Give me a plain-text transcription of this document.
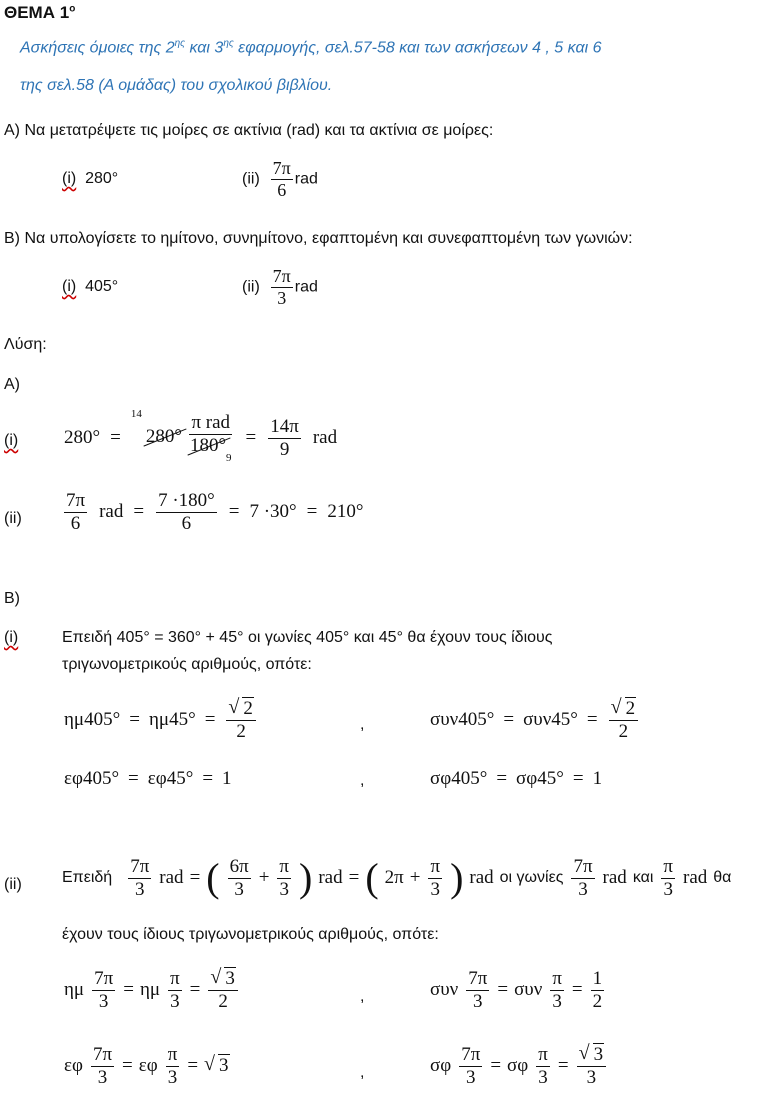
ΘΕΜΑ $1^o$
Ασκήσεις όμοιες της $2^{\eta\varsigma}$ και $3^{\eta\varsigma}$ εφαρμογής, σελ.57-58 και των ασκήσεων 4 , 5 και 6
της σελ.58 (Α ομάδας) του σχολικού βιβλίου.
Α) Να μετατρέψετε τις μοίρες σε ακτίνια (rad) και τα ακτίνια σε μοίρες:
(i) 280°	$(ii) \frac{7\pi}{6}$ rad
Β) Να υπολογίσετε το ημίτονο, συνημίτονο, εφαπτομένη και συνεφαπτομένη των γωνιών:
(i) 405°	$(ii) \frac{7\pi}{3}$ rad
Λύση:
Α)
(i) 280° =
14
$280^\circ \frac{\text{π rad}}{180^\circ_9} = \frac{14\pi}{9}$ rad
$(ii) \frac{7\pi}{6}$ rad = $\frac{7 \cdot 180^\circ}{6} = 7 \cdot 30^\circ = 210^\circ$
Β)
(i)	Επειδή 405° = 360° + 45° οι γωνίες 405° και 45° θα έχουν τους ίδιους
τριγωνομετρικούς αριθμούς, οπότε:
ημ405° = ημ45° = √ $\frac{2}{2}$	,	συν405° = συν45° = √ $\frac{2}{2}$
εφ405° = εφ45° = 1	,	σφ405° = σφ45° = 1
(ii)	Επειδή $\frac{7\pi}{3}$ rad = ( $\frac{6\pi}{3} + \frac{\pi}{3}$ ) rad = ( $2\pi + \frac{\pi}{3}$ ) rad οι γωνίες $\frac{7\pi}{3}$ rad και $\frac{\pi}{3}$ rad θα
έχουν τους ίδιους τριγωνομετρικούς αριθμούς, οπότε:
ημ $\frac{7\pi}{3} = \eta\mu \frac{\pi}{3}$ = √ $\frac{3}{2}$	,	συν $\frac{7\pi}{3} = \sigma\upsilon\nu \frac{\pi}{3} = \frac{1}{2}$
εφ $\frac{7\pi}{3} = \varepsilon\varphi \frac{\pi}{3}$ =	√ 3	,	σφ $\frac{7\pi}{3} = \sigma\varphi \frac{\pi}{3}$ = √ $\frac{3}{3}$
